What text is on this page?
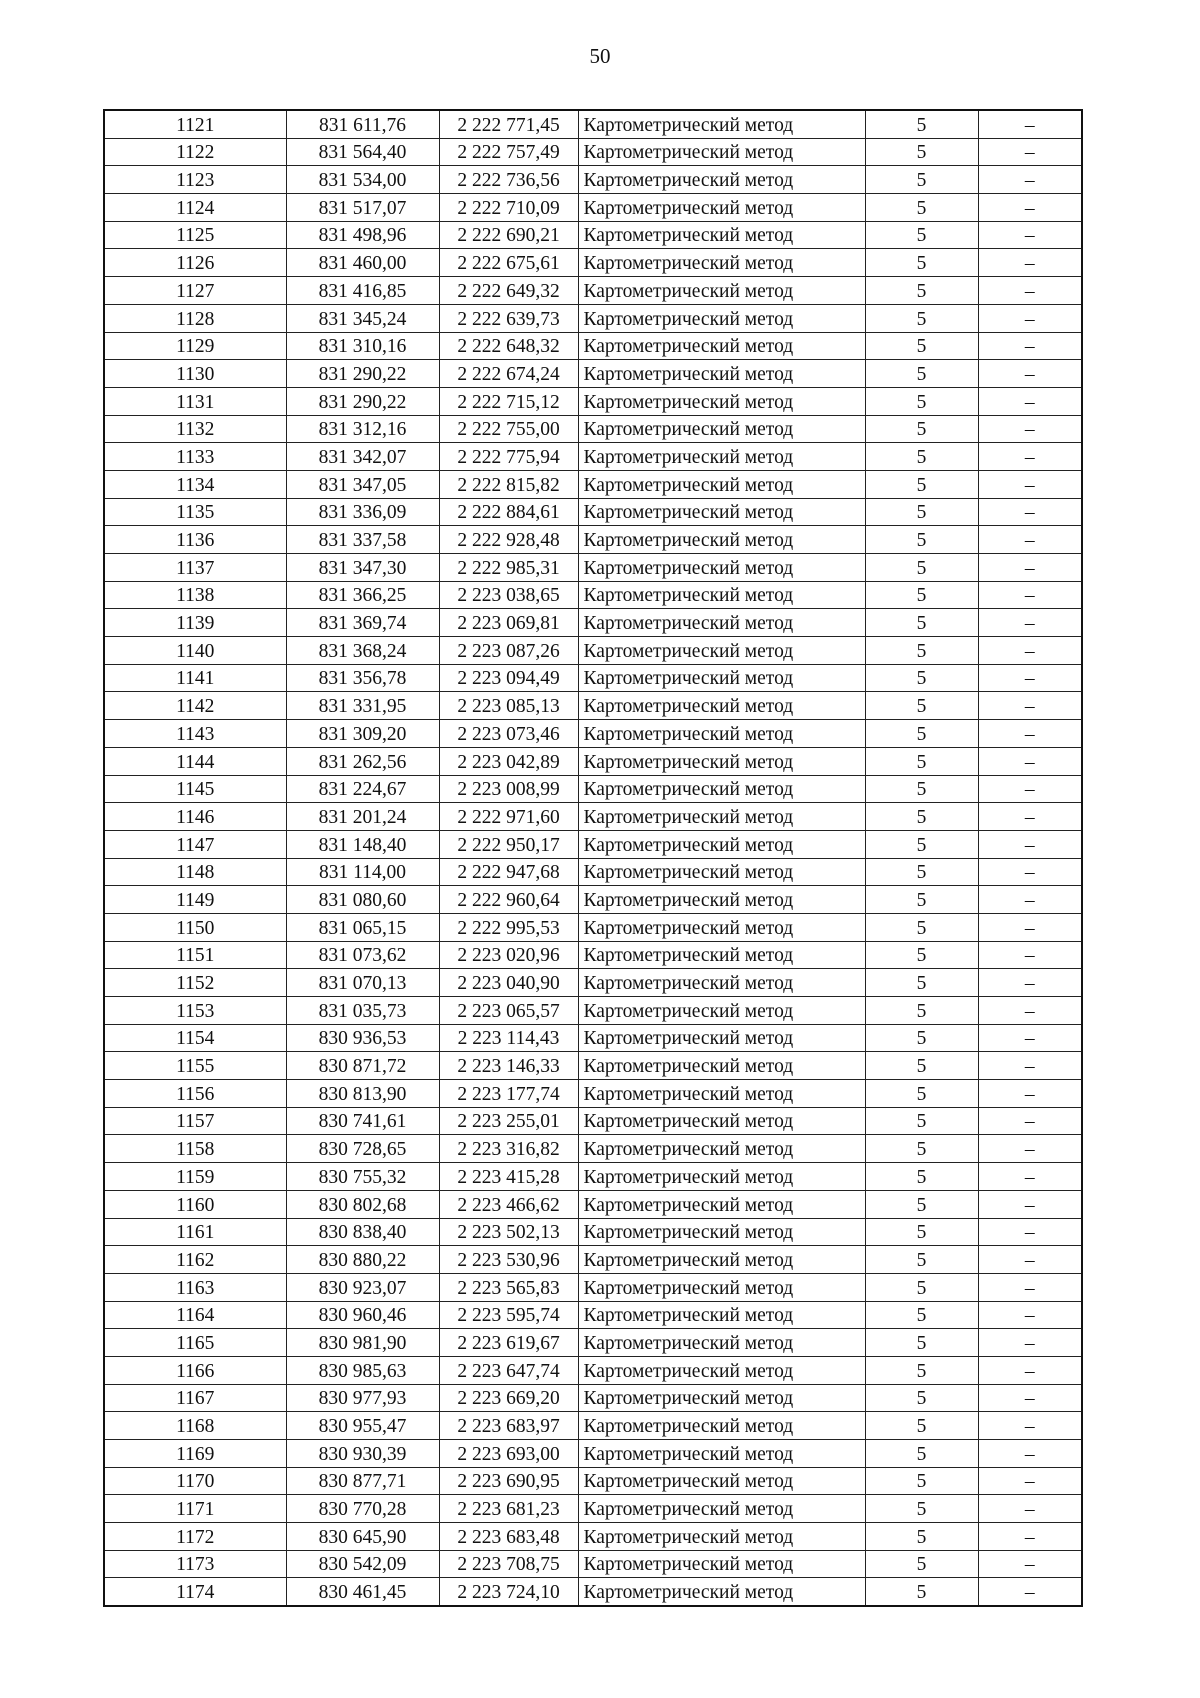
50
1121	831 611,76	2 222 771,45	Картометрический метод	5	–
1122	831 564,40	2 222 757,49	Картометрический метод	5	–
1123	831 534,00	2 222 736,56	Картометрический метод	5	–
1124	831 517,07	2 222 710,09	Картометрический метод	5	–
1125	831 498,96	2 222 690,21	Картометрический метод	5	–
1126	831 460,00	2 222 675,61	Картометрический метод	5	–
1127	831 416,85	2 222 649,32	Картометрический метод	5	–
1128	831 345,24	2 222 639,73	Картометрический метод	5	–
1129	831 310,16	2 222 648,32	Картометрический метод	5	–
1130	831 290,22	2 222 674,24	Картометрический метод	5	–
1131	831 290,22	2 222 715,12	Картометрический метод	5	–
1132	831 312,16	2 222 755,00	Картометрический метод	5	–
1133	831 342,07	2 222 775,94	Картометрический метод	5	–
1134	831 347,05	2 222 815,82	Картометрический метод	5	–
1135	831 336,09	2 222 884,61	Картометрический метод	5	–
1136	831 337,58	2 222 928,48	Картометрический метод	5	–
1137	831 347,30	2 222 985,31	Картометрический метод	5	–
1138	831 366,25	2 223 038,65	Картометрический метод	5	–
1139	831 369,74	2 223 069,81	Картометрический метод	5	–
1140	831 368,24	2 223 087,26	Картометрический метод	5	–
1141	831 356,78	2 223 094,49	Картометрический метод	5	–
1142	831 331,95	2 223 085,13	Картометрический метод	5	–
1143	831 309,20	2 223 073,46	Картометрический метод	5	–
1144	831 262,56	2 223 042,89	Картометрический метод	5	–
1145	831 224,67	2 223 008,99	Картометрический метод	5	–
1146	831 201,24	2 222 971,60	Картометрический метод	5	–
1147	831 148,40	2 222 950,17	Картометрический метод	5	–
1148	831 114,00	2 222 947,68	Картометрический метод	5	–
1149	831 080,60	2 222 960,64	Картометрический метод	5	–
1150	831 065,15	2 222 995,53	Картометрический метод	5	–
1151	831 073,62	2 223 020,96	Картометрический метод	5	–
1152	831 070,13	2 223 040,90	Картометрический метод	5	–
1153	831 035,73	2 223 065,57	Картометрический метод	5	–
1154	830 936,53	2 223 114,43	Картометрический метод	5	–
1155	830 871,72	2 223 146,33	Картометрический метод	5	–
1156	830 813,90	2 223 177,74	Картометрический метод	5	–
1157	830 741,61	2 223 255,01	Картометрический метод	5	–
1158	830 728,65	2 223 316,82	Картометрический метод	5	–
1159	830 755,32	2 223 415,28	Картометрический метод	5	–
1160	830 802,68	2 223 466,62	Картометрический метод	5	–
1161	830 838,40	2 223 502,13	Картометрический метод	5	–
1162	830 880,22	2 223 530,96	Картометрический метод	5	–
1163	830 923,07	2 223 565,83	Картометрический метод	5	–
1164	830 960,46	2 223 595,74	Картометрический метод	5	–
1165	830 981,90	2 223 619,67	Картометрический метод	5	–
1166	830 985,63	2 223 647,74	Картометрический метод	5	–
1167	830 977,93	2 223 669,20	Картометрический метод	5	–
1168	830 955,47	2 223 683,97	Картометрический метод	5	–
1169	830 930,39	2 223 693,00	Картометрический метод	5	–
1170	830 877,71	2 223 690,95	Картометрический метод	5	–
1171	830 770,28	2 223 681,23	Картометрический метод	5	–
1172	830 645,90	2 223 683,48	Картометрический метод	5	–
1173	830 542,09	2 223 708,75	Картометрический метод	5	–
1174	830 461,45	2 223 724,10	Картометрический метод	5	–
